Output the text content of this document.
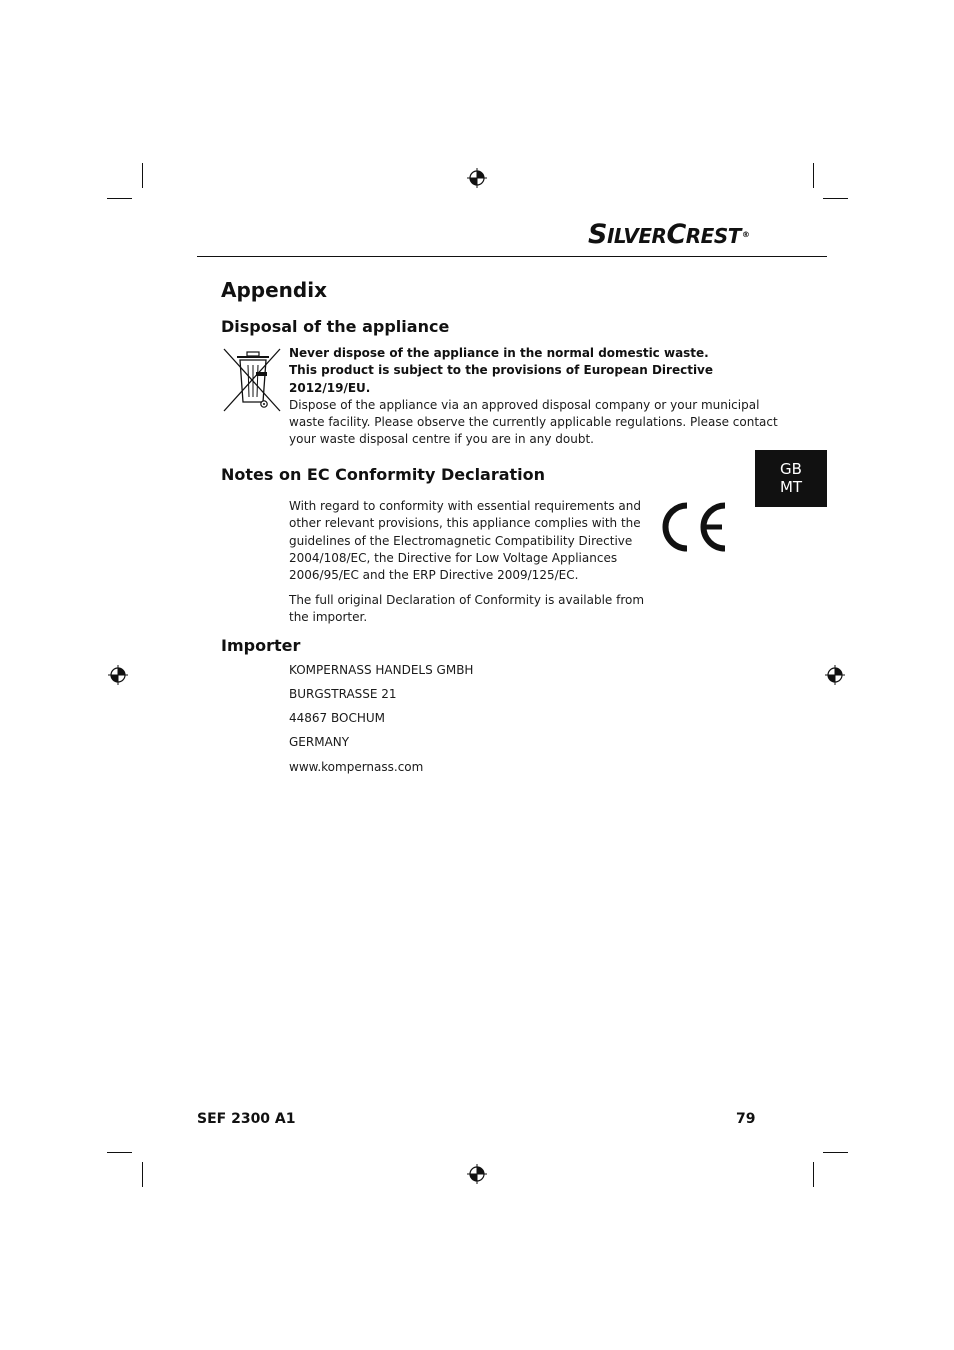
SILVERCREST®
Appendix
Disposal of the appliance

Never dispose of the appliance in the normal domestic waste.

This product is subject to the provisions of European Directive

2012/19/EU.

Dispose of the appliance via an approved disposal company or your municipal

waste facility. Please observe the currently applicable regulations. Please contact

your waste disposal centre if you are in any doubt.

GB
MT
Notes on EC Conformity Declaration

With regard to conformity with essential requirements and

other relevant provisions, this appliance complies with the

guidelines of the Electromagnetic Compatibility Directive

2004/108/EC, the Directive for Low Voltage Appliances

2006/95/EC and the ERP Directive 2009/125/EC.

The full original Declaration of Conformity is available from

the importer.

Importer
KOMPERNASS HANDELS GMBH
BURGSTRASSE 21
44867 BOCHUM
GERMANY
www.kompernass.com
SEF 2300 A1	79
